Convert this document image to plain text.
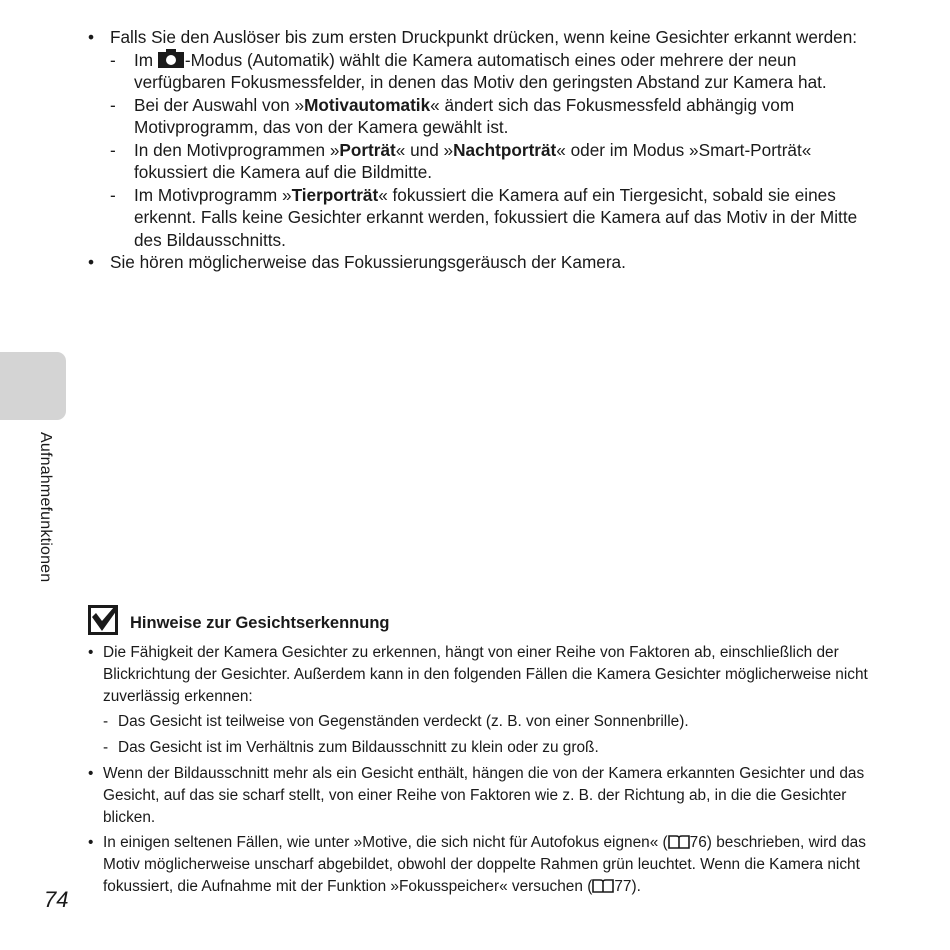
• Falls Sie den Auslöser bis zum ersten Druckpunkt drücken, wenn keine Gesichter erkannt werden:
- Im -Modus (Automatik) wählt die Kamera automatisch eines oder mehrere der neun verfügbaren Fokusmessfelder, in denen das Motiv den geringsten Abstand zur Kamera hat.
- Bei der Auswahl von »Motivautomatik« ändert sich das Fokusmessfeld abhängig vom Motivprogramm, das von der Kamera gewählt ist.
- In den Motivprogrammen »Porträt« und »Nachtporträt« oder im Modus »Smart-Porträt« fokussiert die Kamera auf die Bildmitte.
- Im Motivprogramm »Tierporträt« fokussiert die Kamera auf ein Tiergesicht, sobald sie eines erkennt. Falls keine Gesichter erkannt werden, fokussiert die Kamera auf das Motiv in der Mitte des Bildausschnitts.
• Sie hören möglicherweise das Fokussierungsgeräusch der Kamera.
Aufnahmefunktionen
Hinweise zur Gesichtserkennung
• Die Fähigkeit der Kamera Gesichter zu erkennen, hängt von einer Reihe von Faktoren ab, einschließlich der Blickrichtung der Gesichter. Außerdem kann in den folgenden Fällen die Kamera Gesichter möglicherweise nicht zuverlässig erkennen:
- Das Gesicht ist teilweise von Gegenständen verdeckt (z. B. von einer Sonnenbrille).
- Das Gesicht ist im Verhältnis zum Bildausschnitt zu klein oder zu groß.
• Wenn der Bildausschnitt mehr als ein Gesicht enthält, hängen die von der Kamera erkannten Gesichter und das Gesicht, auf das sie scharf stellt, von einer Reihe von Faktoren wie z. B. der Richtung ab, in die die Gesichter blicken.
• In einigen seltenen Fällen, wie unter »Motive, die sich nicht für Autofokus eignen« ( 76) beschrieben, wird das Motiv möglicherweise unscharf abgebildet, obwohl der doppelte Rahmen grün leuchtet. Wenn die Kamera nicht fokussiert, die Aufnahme mit der Funktion »Fokusspeicher« versuchen ( 77).
74
